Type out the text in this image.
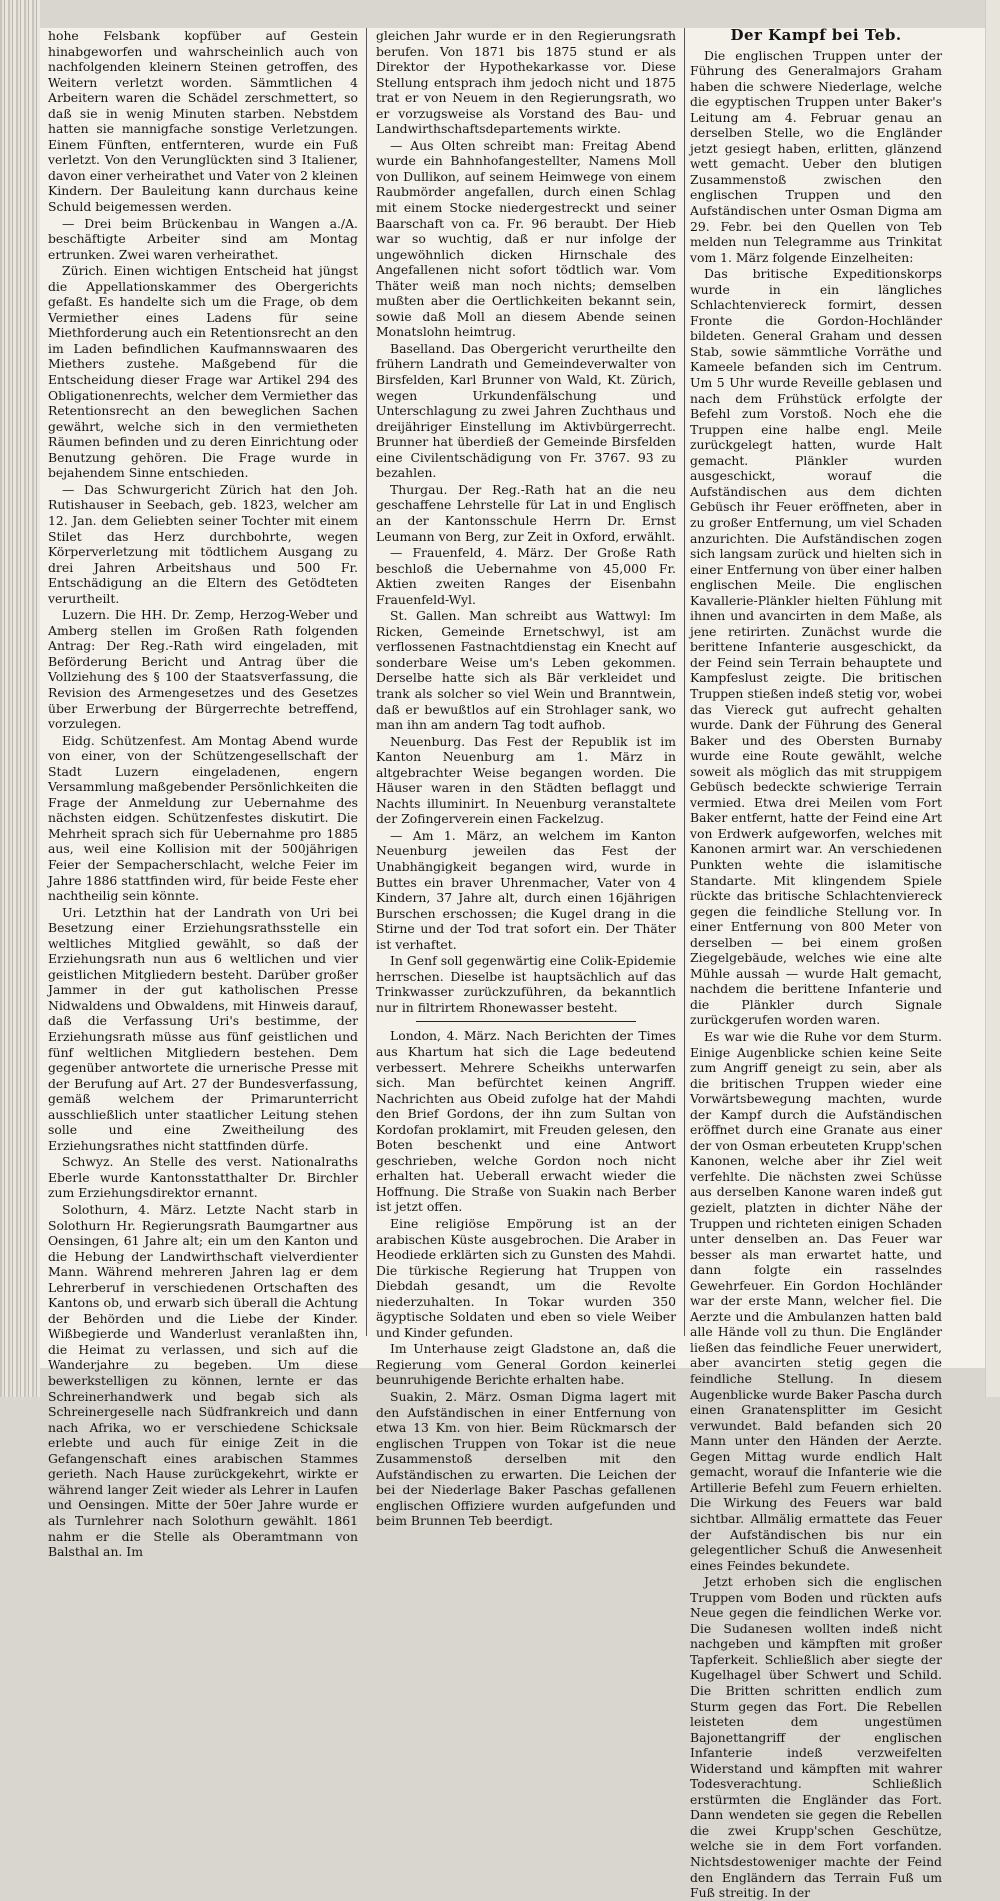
hohe Felsbank kopfüber auf Gestein hinabgeworfen und wahrscheinlich auch von nachfolgenden kleinern Steinen getroffen, des Weitern verletzt worden. Sämmtlichen 4 Arbeitern waren die Schädel zerschmettert, so daß sie in wenig Minuten starben. Nebstdem hatten sie mannigfache sonstige Verletzungen. Einem Fünften, entfernteren, wurde ein Fuß verletzt. Von den Verunglückten sind 3 Italiener, davon einer verheirathet und Vater von 2 kleinen Kindern. Der Bauleitung kann durchaus keine Schuld beigemessen werden.

— Drei beim Brückenbau in Wangen a./A. beschäftigte Arbeiter sind am Montag ertrunken. Zwei waren verheirathet.

Zürich. Einen wichtigen Entscheid hat jüngst die Appellationskammer des Obergerichts gefaßt. Es handelte sich um die Frage, ob dem Vermiether eines Ladens für seine Miethforderung auch ein Retentionsrecht an den im Laden befindlichen Kaufmannswaaren des Miethers zustehe. Maßgebend für die Entscheidung dieser Frage war Artikel 294 des Obligationenrechts, welcher dem Vermiether das Retentionsrecht an den beweglichen Sachen gewährt, welche sich in den vermietheten Räumen befinden und zu deren Einrichtung oder Benutzung gehören. Die Frage wurde in bejahendem Sinne entschieden.

— Das Schwurgericht Zürich hat den Joh. Rutishauser in Seebach, geb. 1823, welcher am 12. Jan. dem Geliebten seiner Tochter mit einem Stilet das Herz durchbohrte, wegen Körperverletzung mit tödtlichem Ausgang zu drei Jahren Arbeitshaus und 500 Fr. Entschädigung an die Eltern des Getödteten verurtheilt.

Luzern. Die HH. Dr. Zemp, Herzog-Weber und Amberg stellen im Großen Rath folgenden Antrag: Der Reg.-Rath wird eingeladen, mit Beförderung Bericht und Antrag über die Vollziehung des § 100 der Staatsverfassung, die Revision des Armengesetzes und des Gesetzes über Erwerbung der Bürgerrechte betreffend, vorzulegen.

Eidg. Schützenfest. Am Montag Abend wurde von einer, von der Schützengesellschaft der Stadt Luzern eingeladenen, engern Versammlung maßgebender Persönlichkeiten die Frage der Anmeldung zur Uebernahme des nächsten eidgen. Schützenfestes diskutirt. Die Mehrheit sprach sich für Uebernahme pro 1885 aus, weil eine Kollision mit der 500jährigen Feier der Sempacherschlacht, welche Feier im Jahre 1886 stattfinden wird, für beide Feste eher nachtheilig sein könnte.

Uri. Letzthin hat der Landrath von Uri bei Besetzung einer Erziehungsrathsstelle ein weltliches Mitglied gewählt, so daß der Erziehungsrath nun aus 6 weltlichen und vier geistlichen Mitgliedern besteht. Darüber großer Jammer in der gut katholischen Presse Nidwaldens und Obwaldens, mit Hinweis darauf, daß die Verfassung Uri's bestimme, der Erziehungsrath müsse aus fünf geistlichen und fünf weltlichen Mitgliedern bestehen. Dem gegenüber antwortete die urnerische Presse mit der Berufung auf Art. 27 der Bundesverfassung, gemäß welchem der Primarunterricht ausschließlich unter staatlicher Leitung stehen solle und eine Zweitheilung des Erziehungsrathes nicht stattfinden dürfe.

Schwyz. An Stelle des verst. Nationalraths Eberle wurde Kantonsstatthalter Dr. Birchler zum Erziehungsdirektor ernannt.

Solothurn, 4. März. Letzte Nacht starb in Solothurn Hr. Regierungsrath Baumgartner aus Oensingen, 61 Jahre alt; ein um den Kanton und die Hebung der Landwirthschaft vielverdienter Mann. Während mehreren Jahren lag er dem Lehrerberuf in verschiedenen Ortschaften des Kantons ob, und erwarb sich überall die Achtung der Behörden und die Liebe der Kinder. Wißbegierde und Wanderlust veranlaßten ihn, die Heimat zu verlassen, und sich auf die Wanderjahre zu begeben. Um diese bewerkstelligen zu können, lernte er das Schreinerhandwerk und begab sich als Schreinergeselle nach Südfrankreich und dann nach Afrika, wo er verschiedene Schicksale erlebte und auch für einige Zeit in die Gefangenschaft eines arabischen Stammes gerieth. Nach Hause zurückgekehrt, wirkte er während langer Zeit wieder als Lehrer in Laufen und Oensingen. Mitte der 50er Jahre wurde er als Turnlehrer nach Solothurn gewählt. 1861 nahm er die Stelle als Oberamtmann von Balsthal an. Im

gleichen Jahr wurde er in den Regierungsrath berufen. Von 1871 bis 1875 stund er als Direktor der Hypothekarkasse vor. Diese Stellung entsprach ihm jedoch nicht und 1875 trat er von Neuem in den Regierungsrath, wo er vorzugsweise als Vorstand des Bau- und Landwirthschaftsdepartements wirkte.

— Aus Olten schreibt man: Freitag Abend wurde ein Bahnhofangestellter, Namens Moll von Dullikon, auf seinem Heimwege von einem Raubmörder angefallen, durch einen Schlag mit einem Stocke niedergestreckt und seiner Baarschaft von ca. Fr. 96 beraubt. Der Hieb war so wuchtig, daß er nur infolge der ungewöhnlich dicken Hirnschale des Angefallenen nicht sofort tödtlich war. Vom Thäter weiß man noch nichts; demselben mußten aber die Oertlichkeiten bekannt sein, sowie daß Moll an diesem Abende seinen Monatslohn heimtrug.

Baselland. Das Obergericht verurtheilte den frühern Landrath und Gemeindeverwalter von Birsfelden, Karl Brunner von Wald, Kt. Zürich, wegen Urkundenfälschung und Unterschlagung zu zwei Jahren Zuchthaus und dreijähriger Einstellung im Aktivbürgerrecht. Brunner hat überdieß der Gemeinde Birsfelden eine Civilentschädigung von Fr. 3767. 93 zu bezahlen.

Thurgau. Der Reg.-Rath hat an die neu geschaffene Lehrstelle für Lat in und Englisch an der Kantonsschule Herrn Dr. Ernst Leumann von Berg, zur Zeit in Oxford, erwählt.

— Frauenfeld, 4. März. Der Große Rath beschloß die Uebernahme von 45,000 Fr. Aktien zweiten Ranges der Eisenbahn Frauenfeld-Wyl.

St. Gallen. Man schreibt aus Wattwyl: Im Ricken, Gemeinde Ernetschwyl, ist am verflossenen Fastnachtdienstag ein Knecht auf sonderbare Weise um's Leben gekommen. Derselbe hatte sich als Bär verkleidet und trank als solcher so viel Wein und Branntwein, daß er bewußtlos auf ein Strohlager sank, wo man ihn am andern Tag todt aufhob.

Neuenburg. Das Fest der Republik ist im Kanton Neuenburg am 1. März in altgebrachter Weise begangen worden. Die Häuser waren in den Städten beflaggt und Nachts illuminirt. In Neuenburg veranstaltete der Zofingerverein einen Fackelzug.

— Am 1. März, an welchem im Kanton Neuenburg jeweilen das Fest der Unabhängigkeit begangen wird, wurde in Buttes ein braver Uhrenmacher, Vater von 4 Kindern, 37 Jahre alt, durch einen 16jährigen Burschen erschossen; die Kugel drang in die Stirne und der Tod trat sofort ein. Der Thäter ist verhaftet.

In Genf soll gegenwärtig eine Colik-Epidemie herrschen. Dieselbe ist hauptsächlich auf das Trinkwasser zurückzuführen, da bekanntlich nur in filtrirtem Rhonewasser besteht.

London, 4. März. Nach Berichten der Times aus Khartum hat sich die Lage bedeutend verbessert. Mehrere Scheikhs unterwarfen sich. Man befürchtet keinen Angriff. Nachrichten aus Obeid zufolge hat der Mahdi den Brief Gordons, der ihn zum Sultan von Kordofan proklamirt, mit Freuden gelesen, den Boten beschenkt und eine Antwort geschrieben, welche Gordon noch nicht erhalten hat. Ueberall erwacht wieder die Hoffnung. Die Straße von Suakin nach Berber ist jetzt offen.

Eine religiöse Empörung ist an der arabischen Küste ausgebrochen. Die Araber in Heodiede erklärten sich zu Gunsten des Mahdi. Die türkische Regierung hat Truppen von Diebdah gesandt, um die Revolte niederzuhalten. In Tokar wurden 350 ägyptische Soldaten und eben so viele Weiber und Kinder gefunden.

Im Unterhause zeigt Gladstone an, daß die Regierung vom General Gordon keinerlei beunruhigende Berichte erhalten habe.

Suakin, 2. März. Osman Digma lagert mit den Aufständischen in einer Entfernung von etwa 13 Km. von hier. Beim Rückmarsch der englischen Truppen von Tokar ist die neue Zusammenstoß derselben mit den Aufständischen zu erwarten. Die Leichen der bei der Niederlage Baker Paschas gefallenen englischen Offiziere wurden aufgefunden und beim Brunnen Teb beerdigt.

Der Kampf bei Teb.

Die englischen Truppen unter der Führung des Generalmajors Graham haben die schwere Niederlage, welche die egyptischen Truppen unter Baker's Leitung am 4. Februar genau an derselben Stelle, wo die Engländer jetzt gesiegt haben, erlitten, glänzend wett gemacht. Ueber den blutigen Zusammenstoß zwischen den englischen Truppen und den Aufständischen unter Osman Digma am 29. Febr. bei den Quellen von Teb melden nun Telegramme aus Trinkitat vom 1. März folgende Einzelheiten:

Das britische Expeditionskorps wurde in ein längliches Schlachtenviereck formirt, dessen Fronte die Gordon-Hochländer bildeten. General Graham und dessen Stab, sowie sämmtliche Vorräthe und Kameele befanden sich im Centrum. Um 5 Uhr wurde Reveille geblasen und nach dem Frühstück erfolgte der Befehl zum Vorstoß. Noch ehe die Truppen eine halbe engl. Meile zurückgelegt hatten, wurde Halt gemacht. Plänkler wurden ausgeschickt, worauf die Aufständischen aus dem dichten Gebüsch ihr Feuer eröffneten, aber in zu großer Entfernung, um viel Schaden anzurichten. Die Aufständischen zogen sich langsam zurück und hielten sich in einer Entfernung von über einer halben englischen Meile. Die englischen Kavallerie-Plänkler hielten Fühlung mit ihnen und avancirten in dem Maße, als jene retirirten. Zunächst wurde die berittene Infanterie ausgeschickt, da der Feind sein Terrain behauptete und Kampfeslust zeigte. Die britischen Truppen stießen indeß stetig vor, wobei das Viereck gut aufrecht gehalten wurde. Dank der Führung des General Baker und des Obersten Burnaby wurde eine Route gewählt, welche soweit als möglich das mit struppigem Gebüsch bedeckte schwierige Terrain vermied. Etwa drei Meilen vom Fort Baker entfernt, hatte der Feind eine Art von Erdwerk aufgeworfen, welches mit Kanonen armirt war. An verschiedenen Punkten wehte die islamitische Standarte. Mit klingendem Spiele rückte das britische Schlachtenviereck gegen die feindliche Stellung vor. In einer Entfernung von 800 Meter von derselben — bei einem großen Ziegelgebäude, welches wie eine alte Mühle aussah — wurde Halt gemacht, nachdem die berittene Infanterie und die Plänkler durch Signale zurückgerufen worden waren.

Es war wie die Ruhe vor dem Sturm. Einige Augenblicke schien keine Seite zum Angriff geneigt zu sein, aber als die britischen Truppen wieder eine Vorwärtsbewegung machten, wurde der Kampf durch die Aufständischen eröffnet durch eine Granate aus einer der von Osman erbeuteten Krupp'schen Kanonen, welche aber ihr Ziel weit verfehlte. Die nächsten zwei Schüsse aus derselben Kanone waren indeß gut gezielt, platzten in dichter Nähe der Truppen und richteten einigen Schaden unter denselben an. Das Feuer war besser als man erwartet hatte, und dann folgte ein rasselndes Gewehrfeuer. Ein Gordon Hochländer war der erste Mann, welcher fiel. Die Aerzte und die Ambulanzen hatten bald alle Hände voll zu thun. Die Engländer ließen das feindliche Feuer unerwidert, aber avancirten stetig gegen die feindliche Stellung. In diesem Augenblicke wurde Baker Pascha durch einen Granatensplitter im Gesicht verwundet. Bald befanden sich 20 Mann unter den Händen der Aerzte. Gegen Mittag wurde endlich Halt gemacht, worauf die Infanterie wie die Artillerie Befehl zum Feuern erhielten. Die Wirkung des Feuers war bald sichtbar. Allmälig ermattete das Feuer der Aufständischen bis nur ein gelegentlicher Schuß die Anwesenheit eines Feindes bekundete.

Jetzt erhoben sich die englischen Truppen vom Boden und rückten aufs Neue gegen die feindlichen Werke vor. Die Sudanesen wollten indeß nicht nachgeben und kämpften mit großer Tapferkeit. Schließlich aber siegte der Kugelhagel über Schwert und Schild. Die Britten schritten endlich zum Sturm gegen das Fort. Die Rebellen leisteten dem ungestümen Bajonettangriff der englischen Infanterie indeß verzweifelten Widerstand und kämpften mit wahrer Todesverachtung. Schließlich erstürmten die Engländer das Fort. Dann wendeten sie gegen die Rebellen die zwei Krupp'schen Geschütze, welche sie in dem Fort vorfanden. Nichtsdestoweniger machte der Feind den Engländern das Terrain Fuß um Fuß streitig. In der
